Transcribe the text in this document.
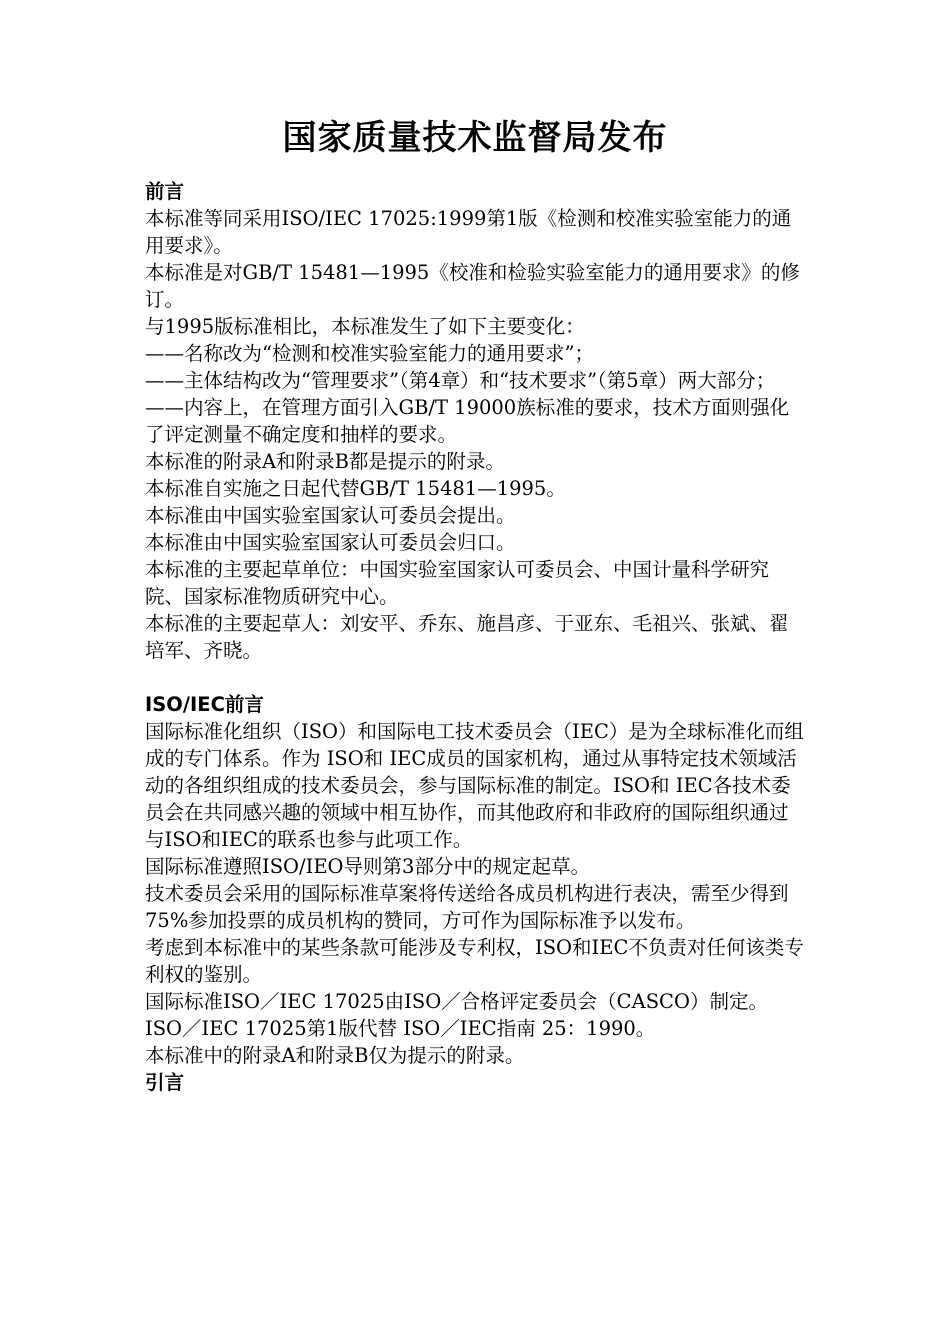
国家质量技术监督局发布
前言

本标准等同采用ISO/IEC 17025:1999第1版《检测和校准实验室能力的通用要求》。

本标准是对GB/T 15481—1995《校准和检验实验室能力的通用要求》的修订。

与1995版标准相比，本标准发生了如下主要变化：

——名称改为“检测和校准实验室能力的通用要求”；

——主体结构改为“管理要求”（第4章）和“技术要求”（第5章）两大部分；

——内容上，在管理方面引入GB/T 19000族标准的要求，技术方面则强化了评定测量不确定度和抽样的要求。

本标准的附录A和附录B都是提示的附录。

本标准自实施之日起代替GB/T 15481—1995。

本标准由中国实验室国家认可委员会提出。

本标准由中国实验室国家认可委员会归口。

本标准的主要起草单位：中国实验室国家认可委员会、中国计量科学研究院、国家标准物质研究中心。

本标准的主要起草人：刘安平、乔东、施昌彦、于亚东、毛祖兴、张斌、翟培军、齐晓。

ISO/IEC前言

国际标准化组织（ISO）和国际电工技术委员会（IEC）是为全球标准化而组成的专门体系。作为 ISO和 IEC成员的国家机构，通过从事特定技术领域活动的各组织组成的技术委员会，参与国际标准的制定。ISO和 IEC各技术委员会在共同感兴趣的领域中相互协作，而其他政府和非政府的国际组织通过与ISO和IEC的联系也参与此项工作。

国际标准遵照ISO/IEO导则第3部分中的规定起草。

技术委员会采用的国际标准草案将传送给各成员机构进行表决，需至少得到75%参加投票的成员机构的赞同，方可作为国际标准予以发布。

考虑到本标准中的某些条款可能涉及专利权，ISO和IEC不负责对任何该类专利权的鉴别。

国际标准ISO／IEC 17025由ISO／合格评定委员会（CASCO）制定。

ISO／IEC 17025第1版代替 ISO／IEC指南 25：1990。

本标准中的附录A和附录B仅为提示的附录。

引言
